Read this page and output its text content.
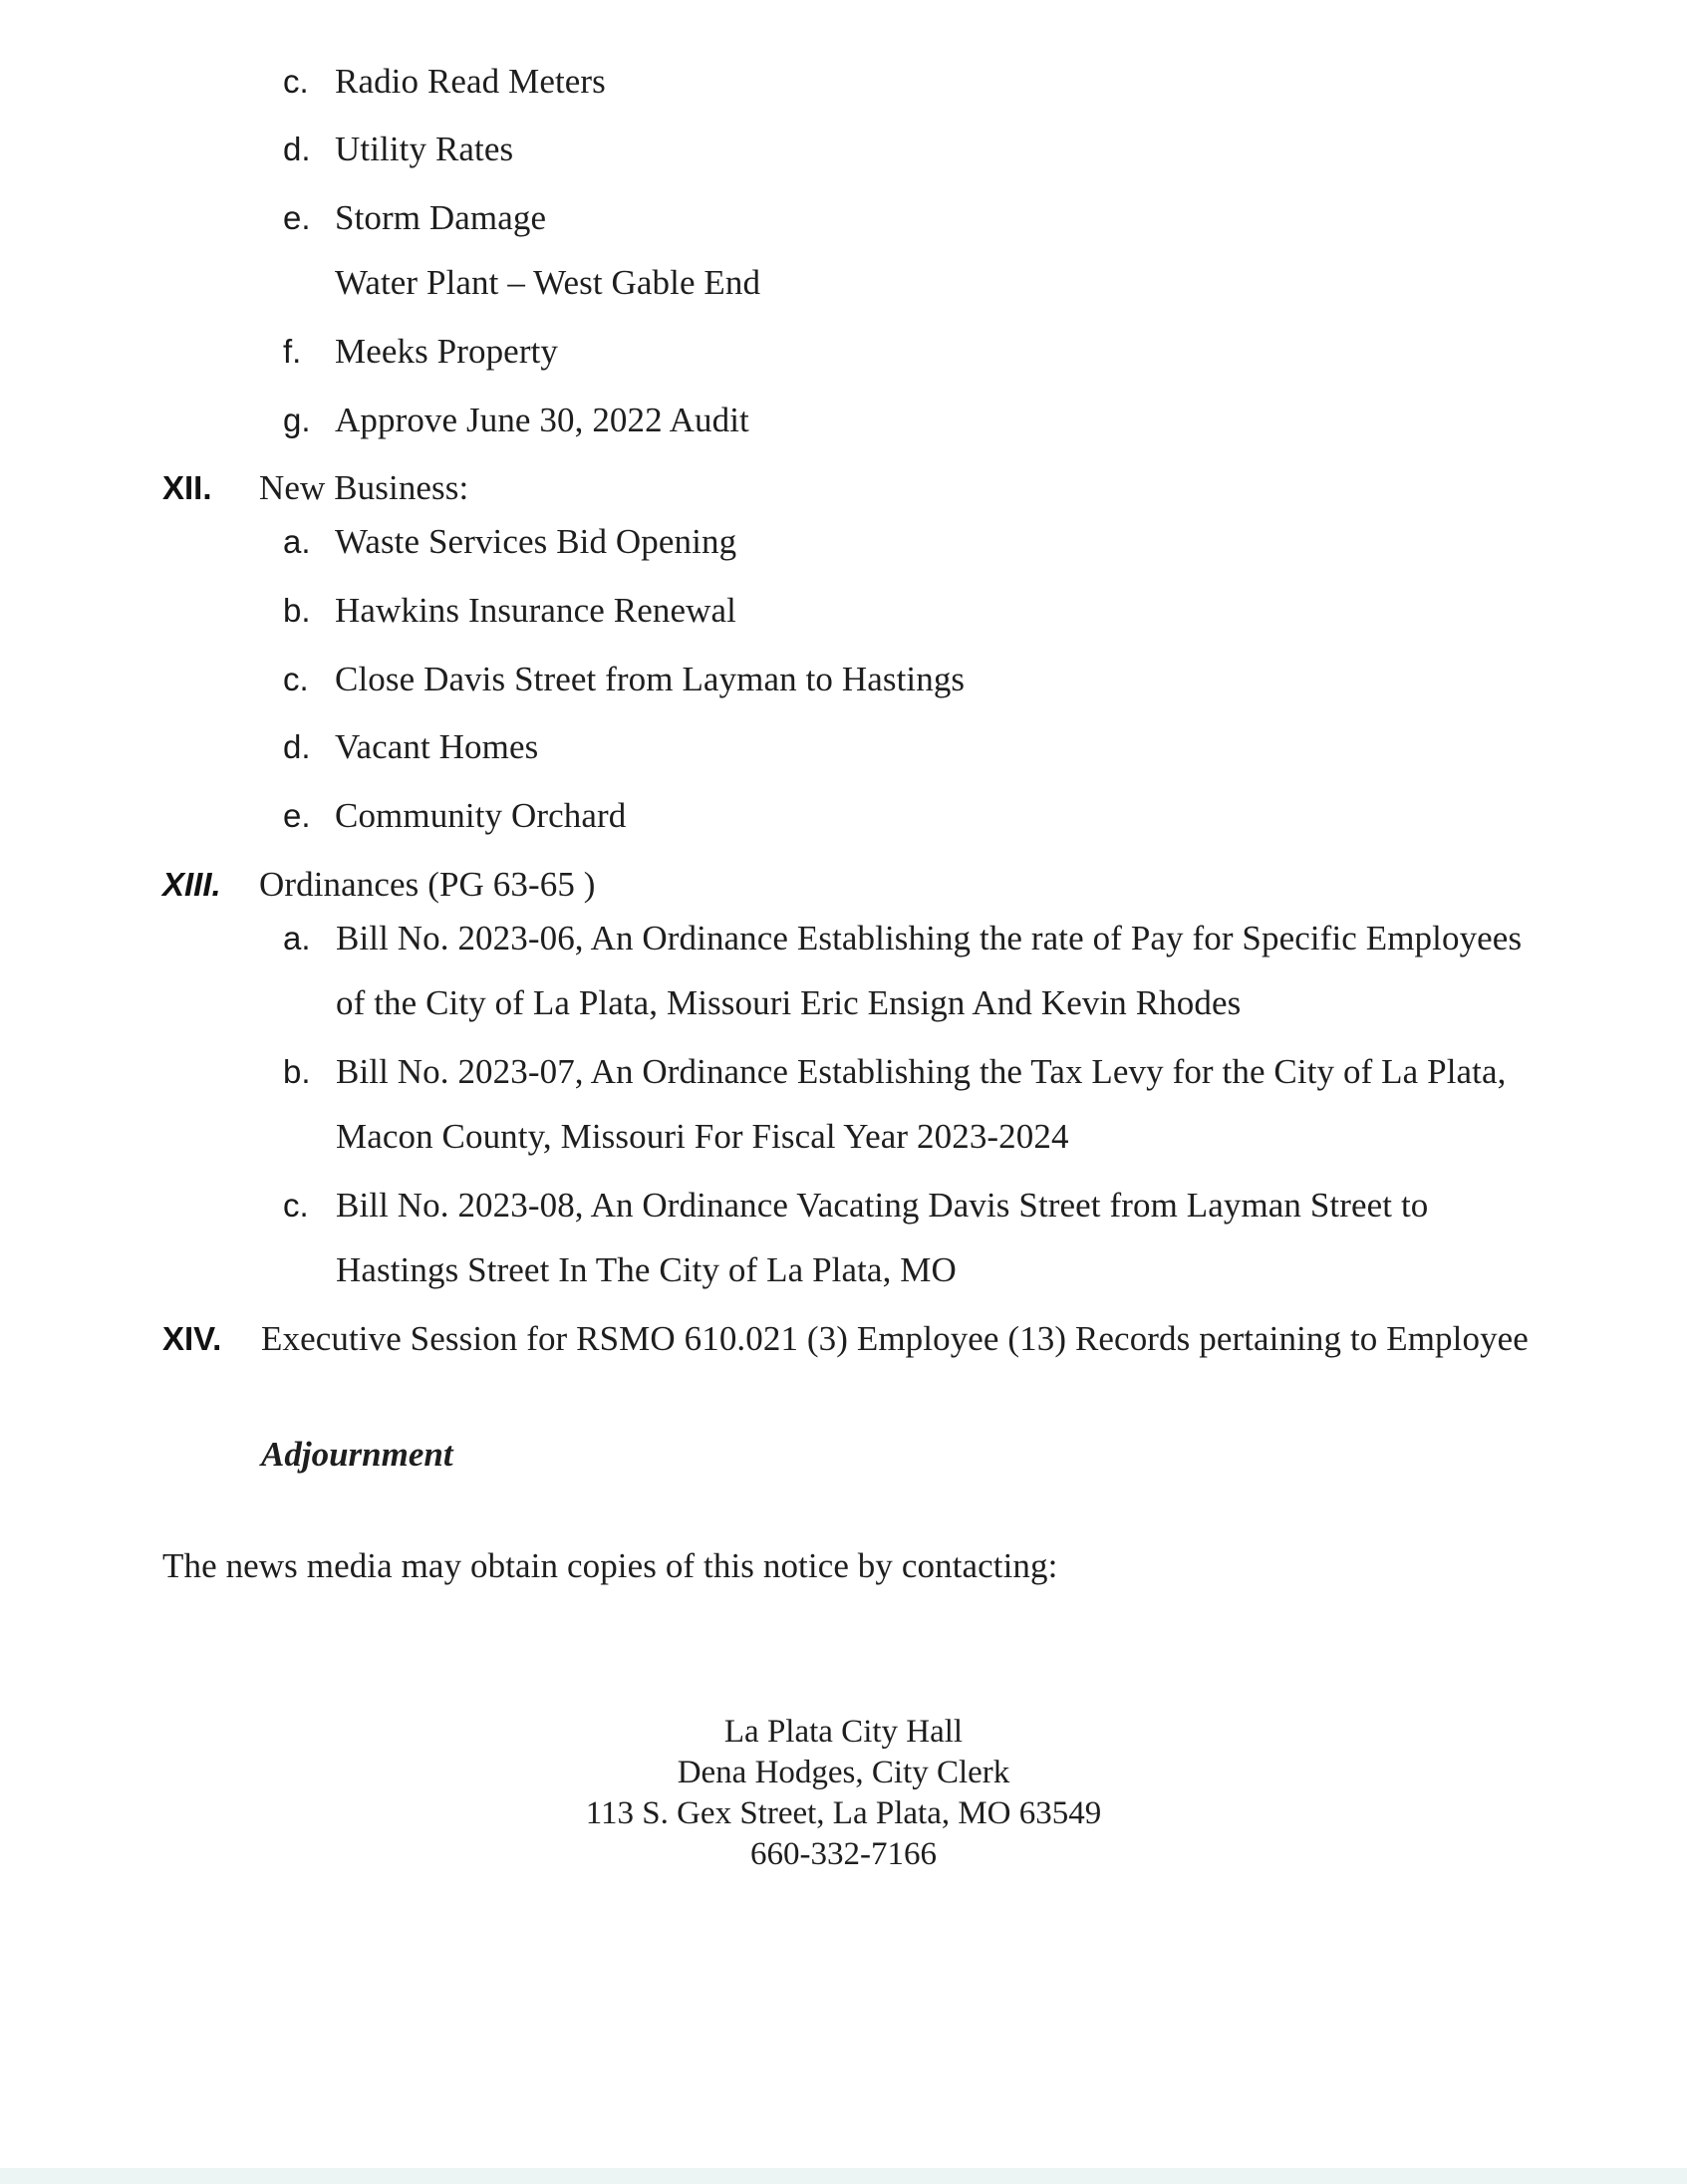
c. Radio Read Meters
d. Utility Rates
e. Storm Damage
Water Plant – West Gable End
f. Meeks Property
g. Approve June 30, 2022 Audit
XII. New Business:
a. Waste Services Bid Opening
b. Hawkins Insurance Renewal
c. Close Davis Street from Layman to Hastings
d. Vacant Homes
e. Community Orchard
XIII. Ordinances (PG 63-65 )
a. Bill No. 2023-06, An Ordinance Establishing the rate of Pay for Specific Employees
of the City of La Plata, Missouri Eric Ensign And Kevin Rhodes
b. Bill No. 2023-07, An Ordinance Establishing the Tax Levy for the City of La Plata,
Macon County, Missouri For Fiscal Year 2023-2024
c. Bill No. 2023-08, An Ordinance Vacating Davis Street from Layman Street to
Hastings Street In The City of La Plata, MO
XIV. Executive Session for RSMO 610.021 (3) Employee (13) Records pertaining to Employee
Adjournment
The news media may obtain copies of this notice by contacting:
La Plata City Hall
Dena Hodges, City Clerk
113 S. Gex Street, La Plata, MO 63549
660-332-7166
